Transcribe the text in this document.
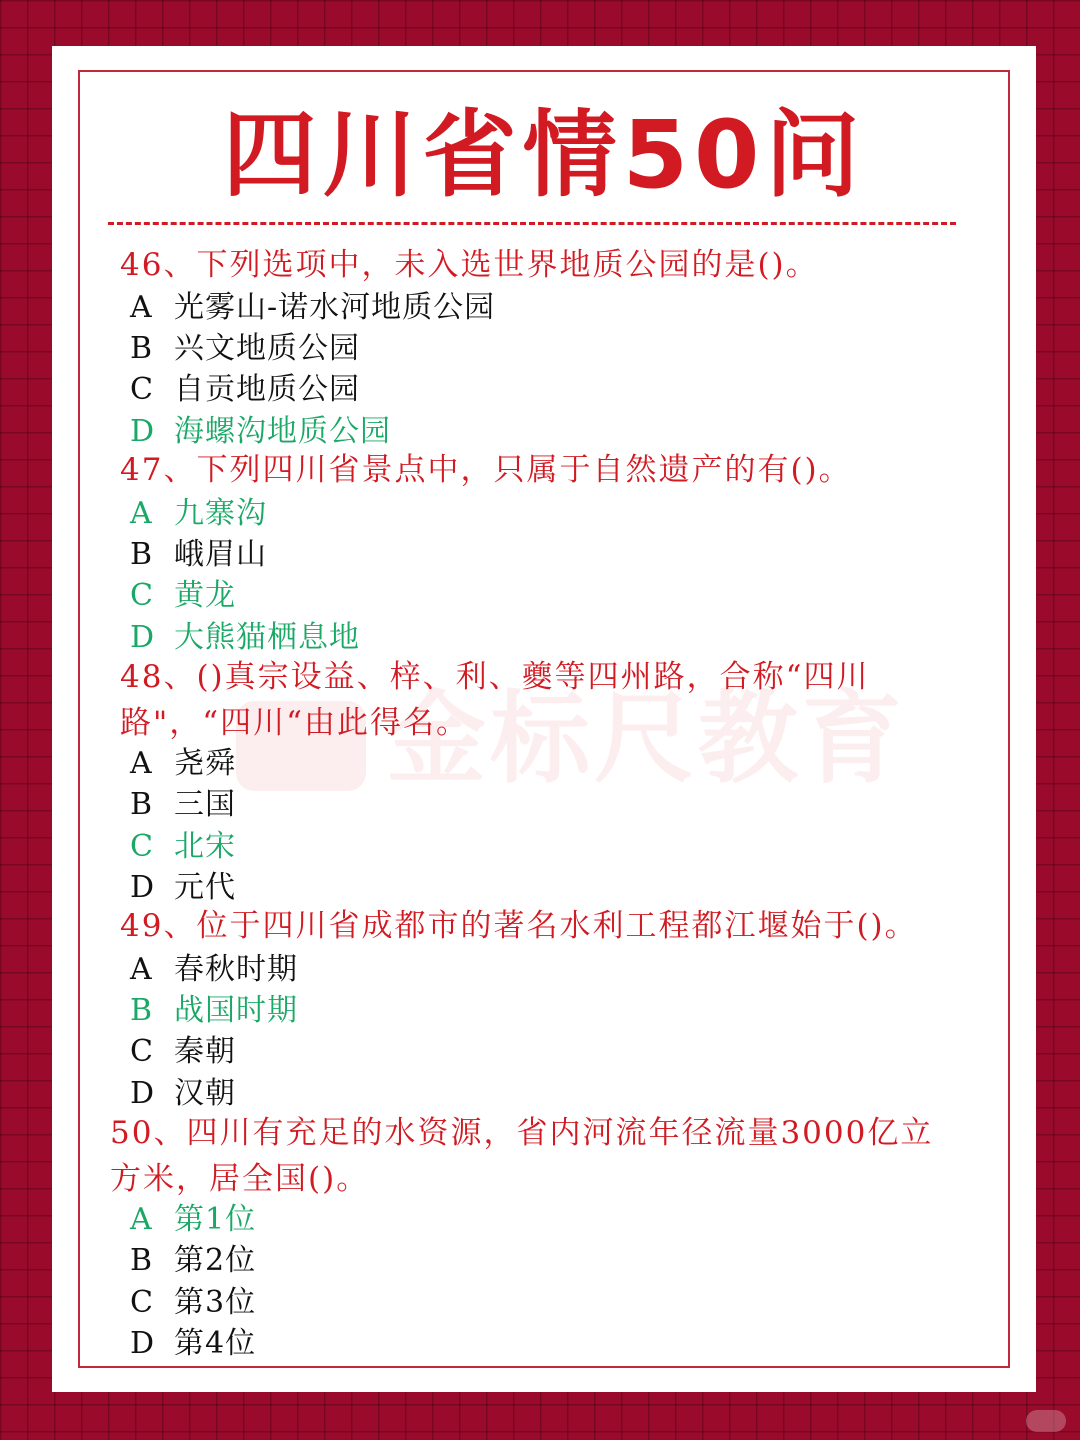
四川省情50问
金标尺教育
46、下列选项中，未入选世界地质公园的是()。
A 光雾山-诺水河地质公园
B 兴文地质公园
C 自贡地质公园
D 海螺沟地质公园
47、下列四川省景点中，只属于自然遗产的有()。
A 九寨沟
B 峨眉山
C 黄龙
D 大熊猫栖息地
48、()真宗设益、梓、利、夔等四州路，合称“四川路"，“四川“由此得名。
A 尧舜
B 三国
C 北宋
D 元代
49、位于四川省成都市的著名水利工程都江堰始于()。
A 春秋时期
B 战国时期
C 秦朝
D 汉朝
50、四川有充足的水资源，省内河流年径流量3000亿立方米，居全国()。
A 第1位
B 第2位
C 第3位
D 第4位
